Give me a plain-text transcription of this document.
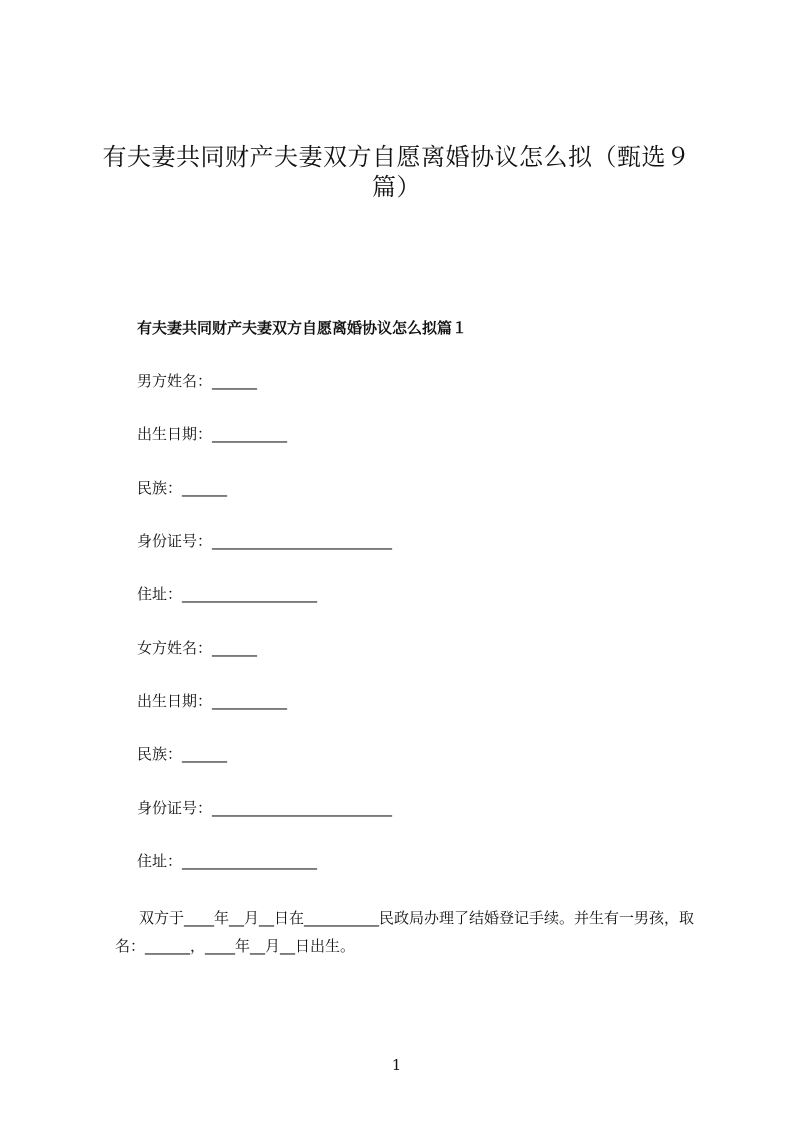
有夫妻共同财产夫妻双方自愿离婚协议怎么拟（甄选９篇）
有夫妻共同财产夫妻双方自愿离婚协议怎么拟篇１
男方姓名：______
出生日期：__________
民族：______
身份证号：________________________
住址：__________________
女方姓名：______
出生日期：__________
民族：______
身份证号：________________________
住址：__________________

双方于____年__月__日在__________民政局办理了结婚登记手续。并生有一男孩，取名：______，____年__月__日出生。

1
